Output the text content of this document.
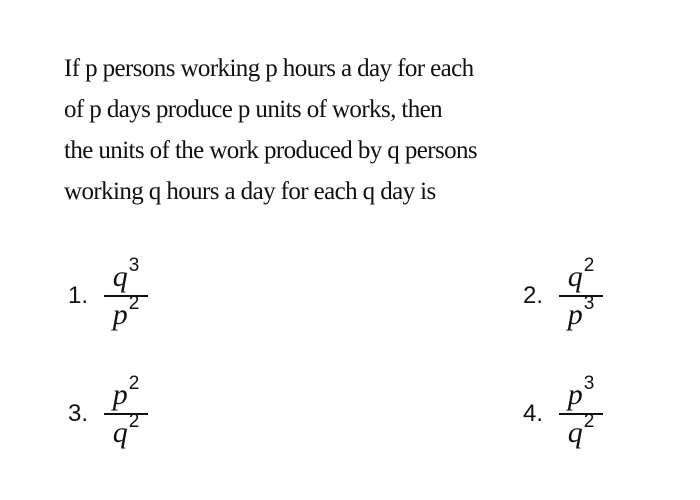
If p persons working p hours a day for each
of p days produce p units of works, then
the units of the work produced by q persons
working q hours a day for each q day is
1. $\frac{q^3}{p^2}$	2. $\frac{q^2}{p^3}$
3. $\frac{p^2}{q^2}$	4. $\frac{p^3}{q^2}$
